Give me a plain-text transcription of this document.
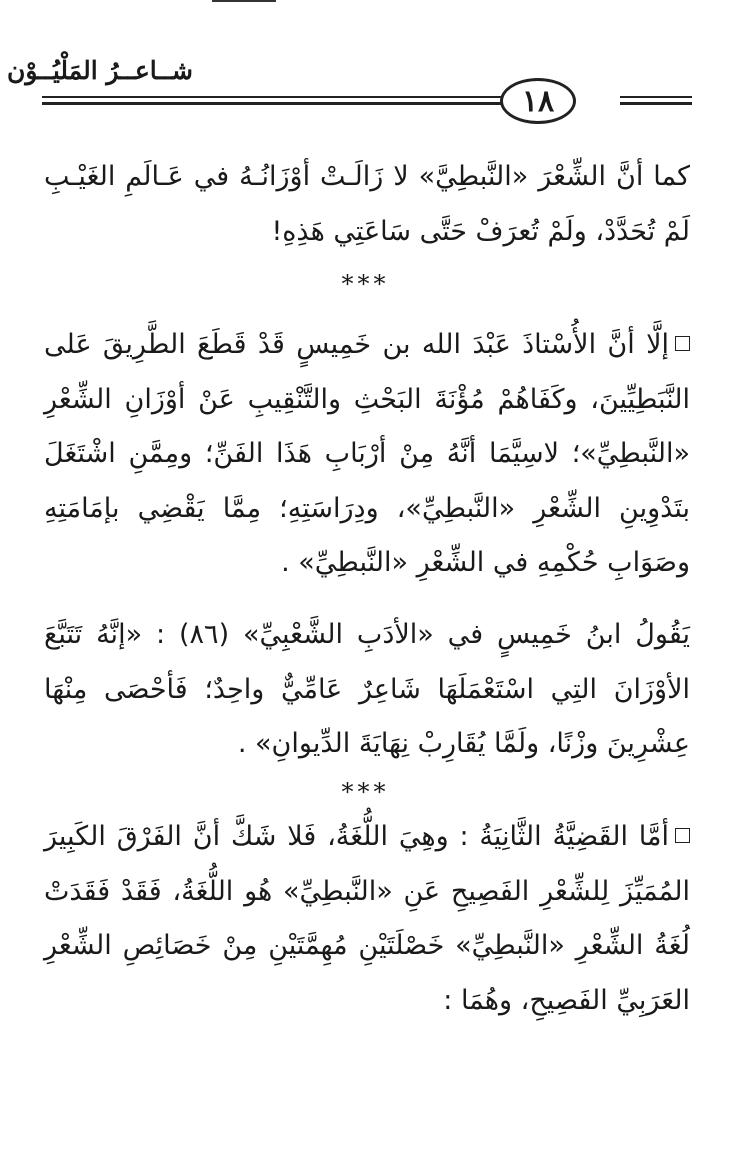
شــاعــرُ المَلْيُــوْن
١٨

كما أنَّ الشِّعْرَ «النَّبطِيَّ» لا زَالَـتْ أوْزَانُـهُ في عَـالَمِ الغَيْـبِ لَمْ تُحَدَّدْ، ولَمْ تُعرَفْ حَتَّى سَاعَتِي هَذِهِ!

***

إلَّا أنَّ الأُسْتاذَ عَبْدَ الله بن خَمِيسٍ قَدْ قَطَعَ الطَّرِيقَ عَلى النَّبَطِيِّينَ، وكَفَاهُمْ مُؤْنَةَ البَحْثِ والتَّنْقِيبِ عَنْ أوْزَانِ الشِّعْرِ «النَّبطِيِّ»؛ لاسِيَّمَا أنَّهُ مِنْ أرْبَابِ هَذَا الفَنِّ؛ ومِمَّنِ اشْتَغَلَ بتَدْوِينِ الشِّعْرِ «النَّبطِيِّ»، ودِرَاسَتِهِ؛ مِمَّا يَقْضِي بإمَامَتِهِ وصَوَابِ حُكْمِهِ في الشِّعْرِ «النَّبطِيِّ» .

يَقُولُ ابنُ خَمِيسٍ في «الأدَبِ الشَّعْبِيِّ» (٨٦) : «إنَّهُ تَتَبَّعَ الأوْزَانَ التِي اسْتَعْمَلَهَا شَاعِرٌ عَامِّيٌّ واحِدٌ؛ فَأحْصَى مِنْهَا عِشْرِينَ وزْنًا، ولَمَّا يُقَارِبْ نِهَايَةَ الدِّيوانِ» .

***

أمَّا القَضِيَّةُ الثَّانِيَةُ : وهِيَ اللُّغَةُ، فَلا شَكَّ أنَّ الفَرْقَ الكَبِيرَ المُمَيِّزَ لِلشِّعْرِ الفَصِيحِ عَنِ «النَّبطِيِّ» هُو اللُّغَةُ، فَقَدْ فَقَدَتْ لُغَةُ الشِّعْرِ «النَّبطِيِّ» خَصْلَتَيْنِ مُهِمَّتَيْنِ مِنْ خَصَائِصِ الشِّعْرِ العَرَبِيِّ الفَصِيحِ، وهُمَا :
